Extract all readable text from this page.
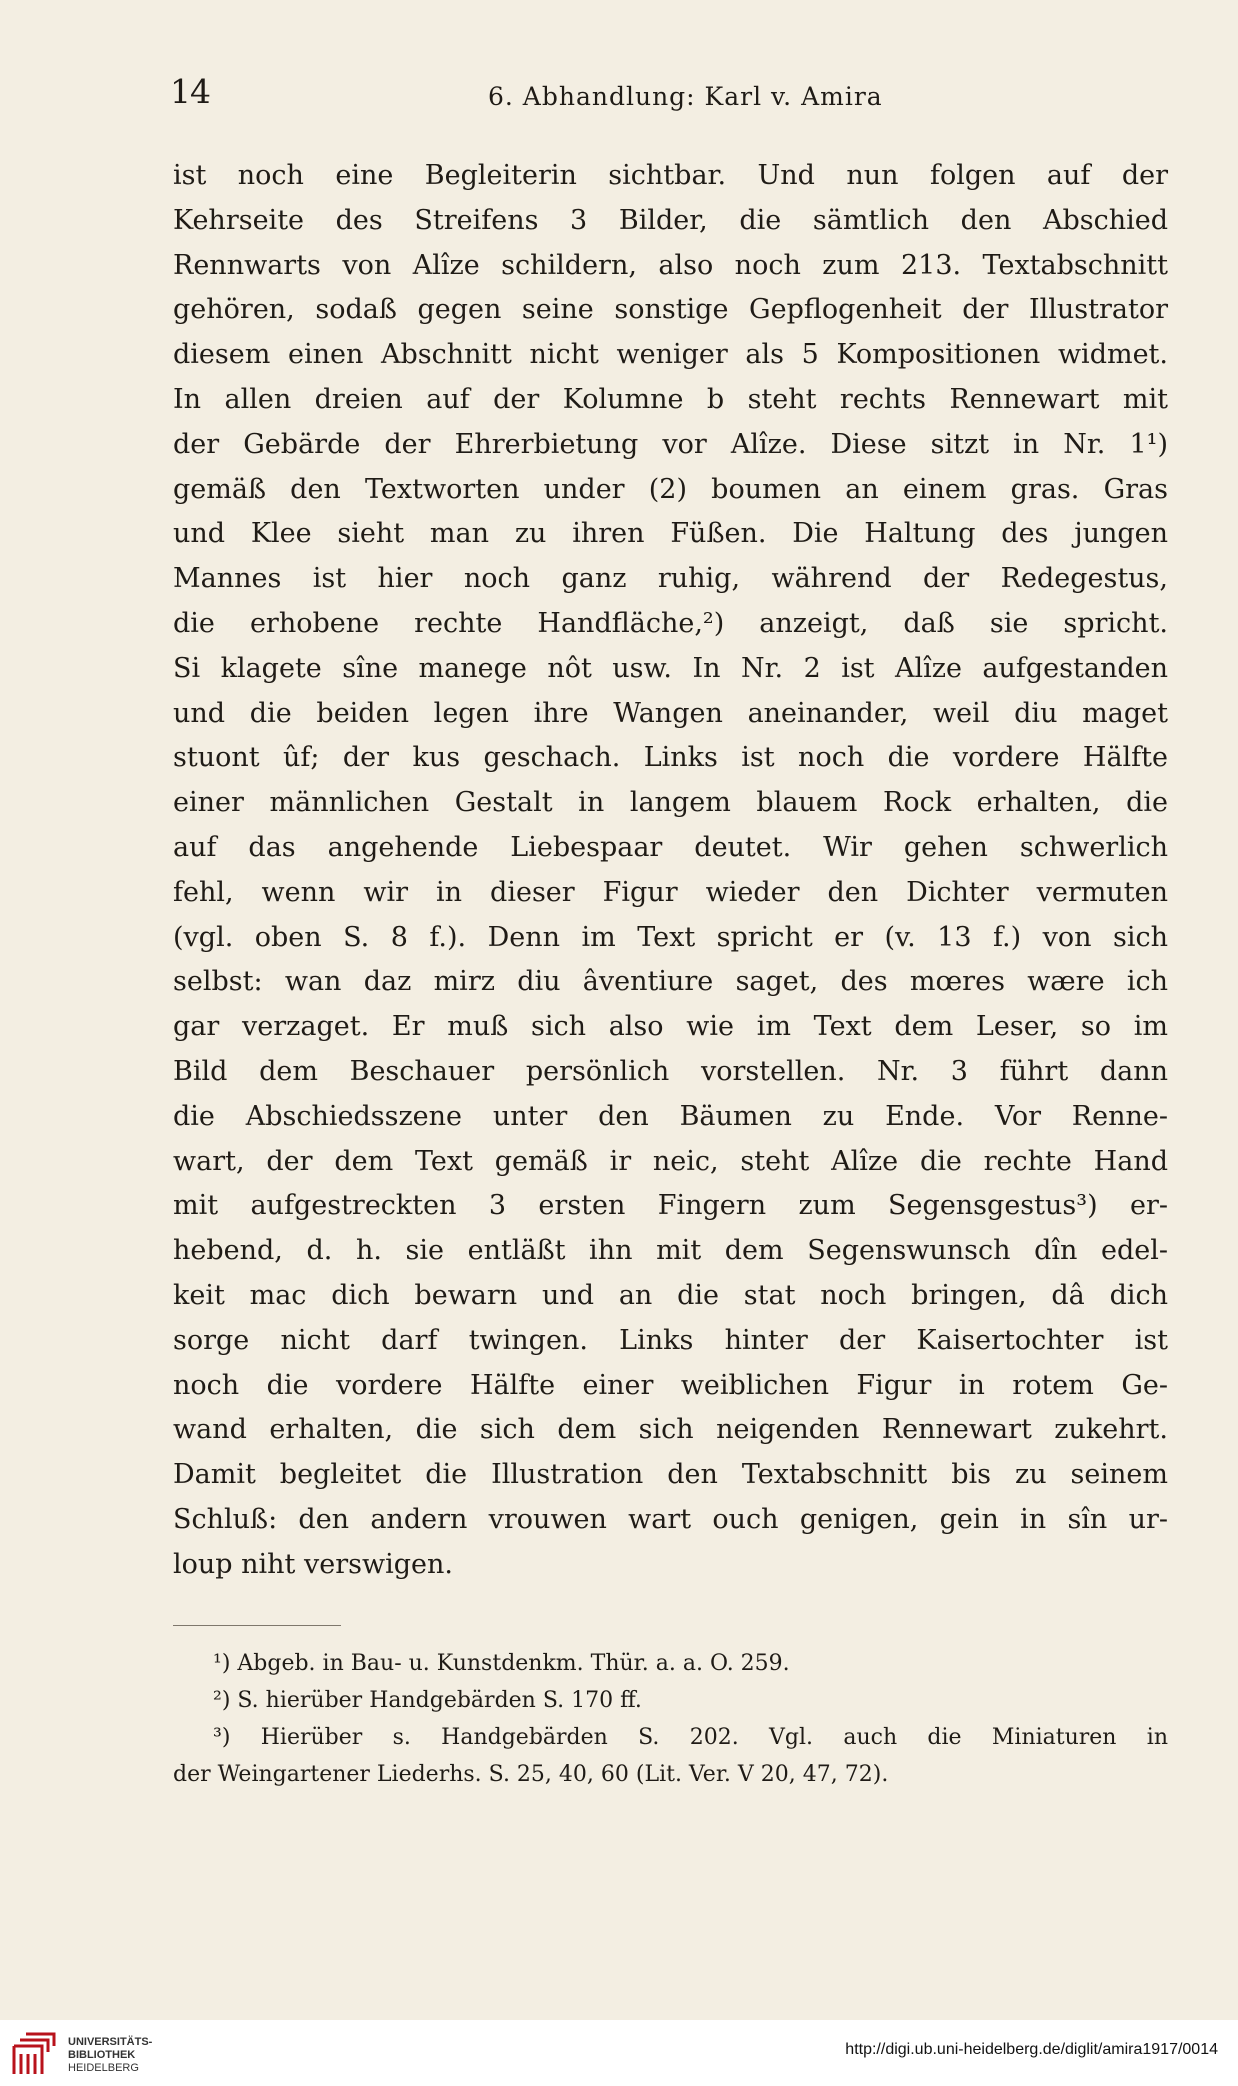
14	6. Abhandlung: Karl v. Amira
ist noch eine Begleiterin sichtbar. Und nun folgen auf der
Kehrseite des Streifens 3 Bilder, die sämtlich den Abschied
Rennwarts von Alîze schildern, also noch zum 213. Textabschnitt
gehören, sodaß gegen seine sonstige Gepflogenheit der Illustrator
diesem einen Abschnitt nicht weniger als 5 Kompositionen widmet.
In allen dreien auf der Kolumne b steht rechts Rennewart mit
der Gebärde der Ehrerbietung vor Alîze. Diese sitzt in Nr. 1¹)
gemäß den Textworten under (2) boumen an einem gras. Gras
und Klee sieht man zu ihren Füßen. Die Haltung des jungen
Mannes ist hier noch ganz ruhig, während der Redegestus,
die erhobene rechte Handfläche,²) anzeigt, daß sie spricht.
Si klagete sîne manege nôt usw. In Nr. 2 ist Alîze aufgestanden
und die beiden legen ihre Wangen aneinander, weil diu maget
stuont ûf; der kus geschach. Links ist noch die vordere Hälfte
einer männlichen Gestalt in langem blauem Rock erhalten, die
auf das angehende Liebespaar deutet. Wir gehen schwerlich
fehl, wenn wir in dieser Figur wieder den Dichter vermuten
(vgl. oben S. 8 f.). Denn im Text spricht er (v. 13 f.) von sich
selbst: wan daz mirz diu âventiure saget, des mœres wære ich
gar verzaget. Er muß sich also wie im Text dem Leser, so im
Bild dem Beschauer persönlich vorstellen. Nr. 3 führt dann
die Abschiedsszene unter den Bäumen zu Ende. Vor Renne-
wart, der dem Text gemäß ir neic, steht Alîze die rechte Hand
mit aufgestreckten 3 ersten Fingern zum Segensgestus³) er-
hebend, d. h. sie entläßt ihn mit dem Segenswunsch dîn edel-
keit mac dich bewarn und an die stat noch bringen, dâ dich
sorge nicht darf twingen. Links hinter der Kaisertochter ist
noch die vordere Hälfte einer weiblichen Figur in rotem Ge-
wand erhalten, die sich dem sich neigenden Rennewart zukehrt.
Damit begleitet die Illustration den Textabschnitt bis zu seinem
Schluß: den andern vrouwen wart ouch genigen, gein in sîn ur-
loup niht verswigen.
¹) Abgeb. in Bau- u. Kunstdenkm. Thür. a. a. O. 259.
²) S. hierüber Handgebärden S. 170 ff.
³) Hierüber s. Handgebärden S. 202. Vgl. auch die Miniaturen in
der Weingartener Liederhs. S. 25, 40, 60 (Lit. Ver. V 20, 47, 72).
UNIVERSITÄTS-
BIBLIOTHEK
HEIDELBERG
http://digi.ub.uni-heidelberg.de/diglit/amira1917/0014
